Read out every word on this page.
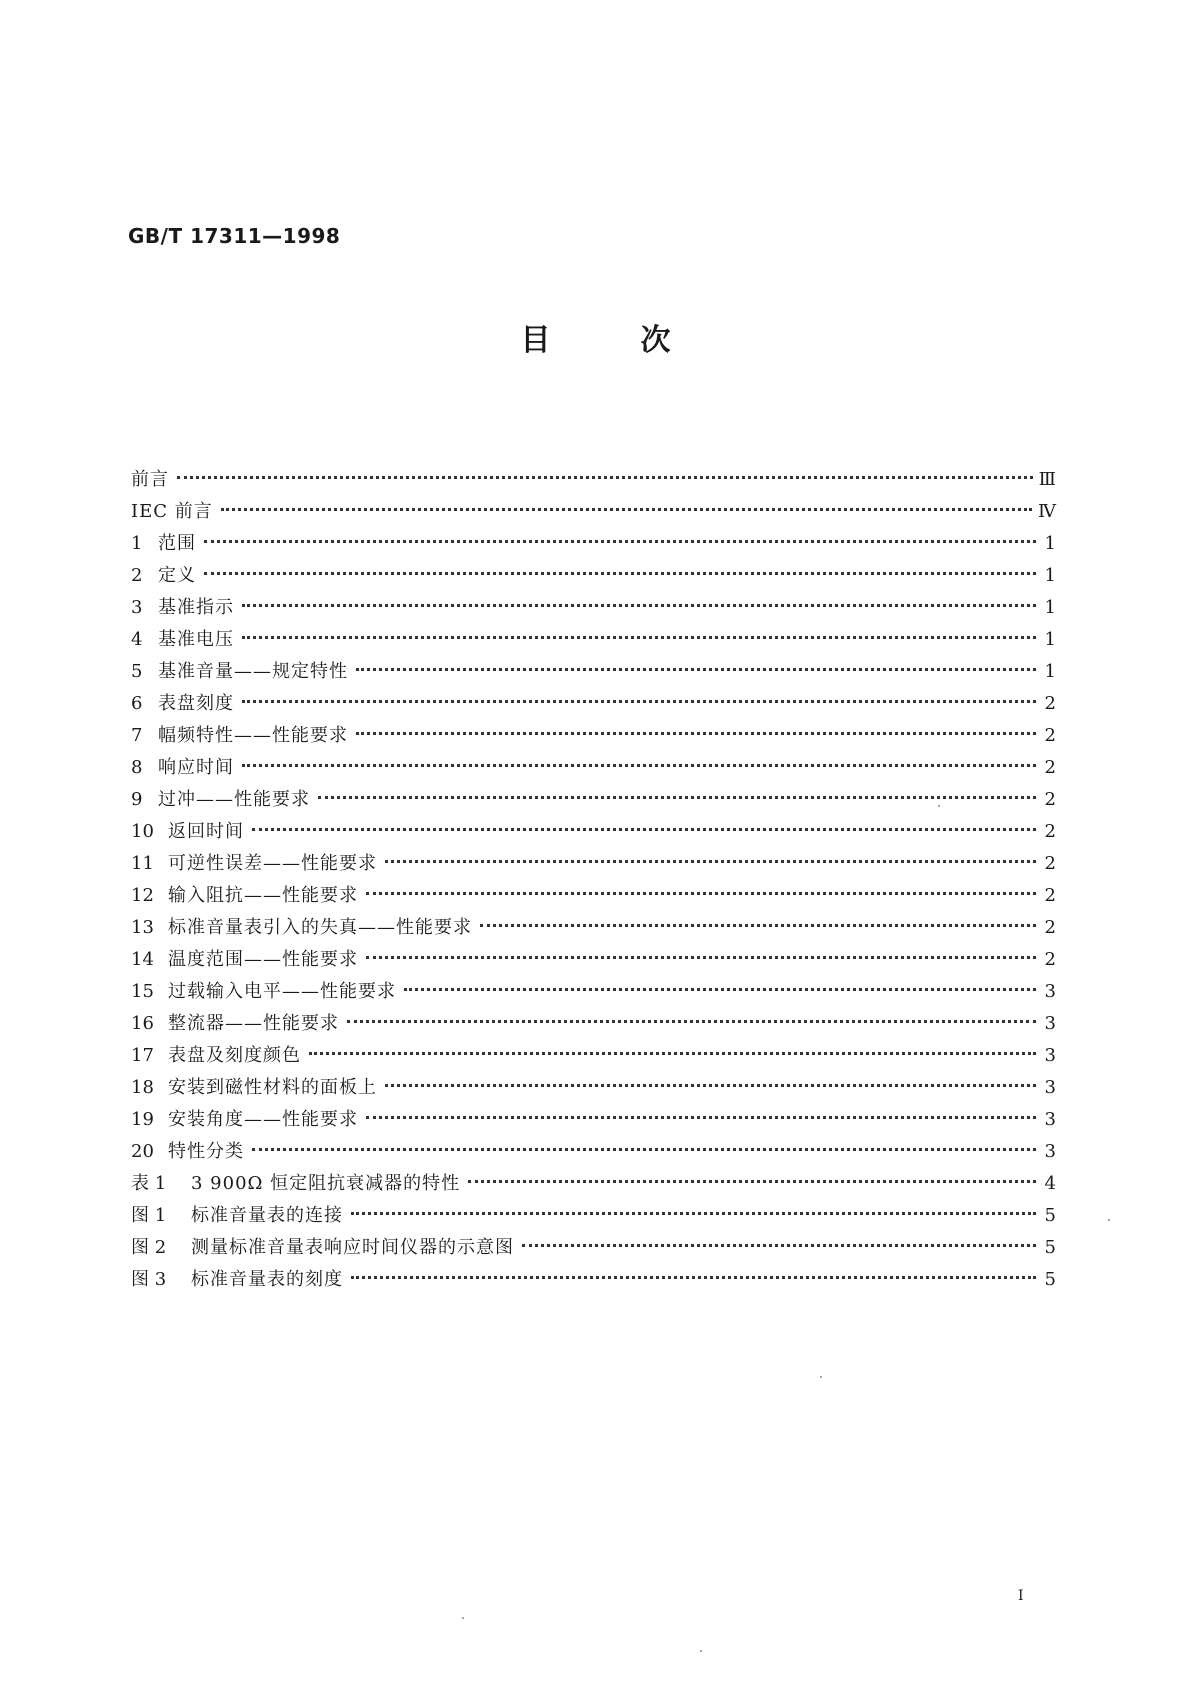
GB/T 17311—1998
目	次
前言	Ⅲ
IEC 前言	Ⅳ
1 范围	1
2 定义	1
3 基准指示	1
4 基准电压	1
5 基准音量——规定特性	1
6 表盘刻度	2
7 幅频特性——性能要求	2
8 响应时间	2
9 过冲——性能要求	2
10 返回时间	2
11 可逆性误差——性能要求	2
12 输入阻抗——性能要求	2
13 标准音量表引入的失真——性能要求	2
14 温度范围——性能要求	2
15 过载输入电平——性能要求	3
16 整流器——性能要求	3
17 表盘及刻度颜色	3
18 安装到磁性材料的面板上	3
19 安装角度——性能要求	3
20 特性分类	3
表 1	3 900Ω 恒定阻抗衰减器的特性	4
图 1	标准音量表的连接	5
图 2	测量标准音量表响应时间仪器的示意图	5
图 3	标准音量表的刻度	5
I
